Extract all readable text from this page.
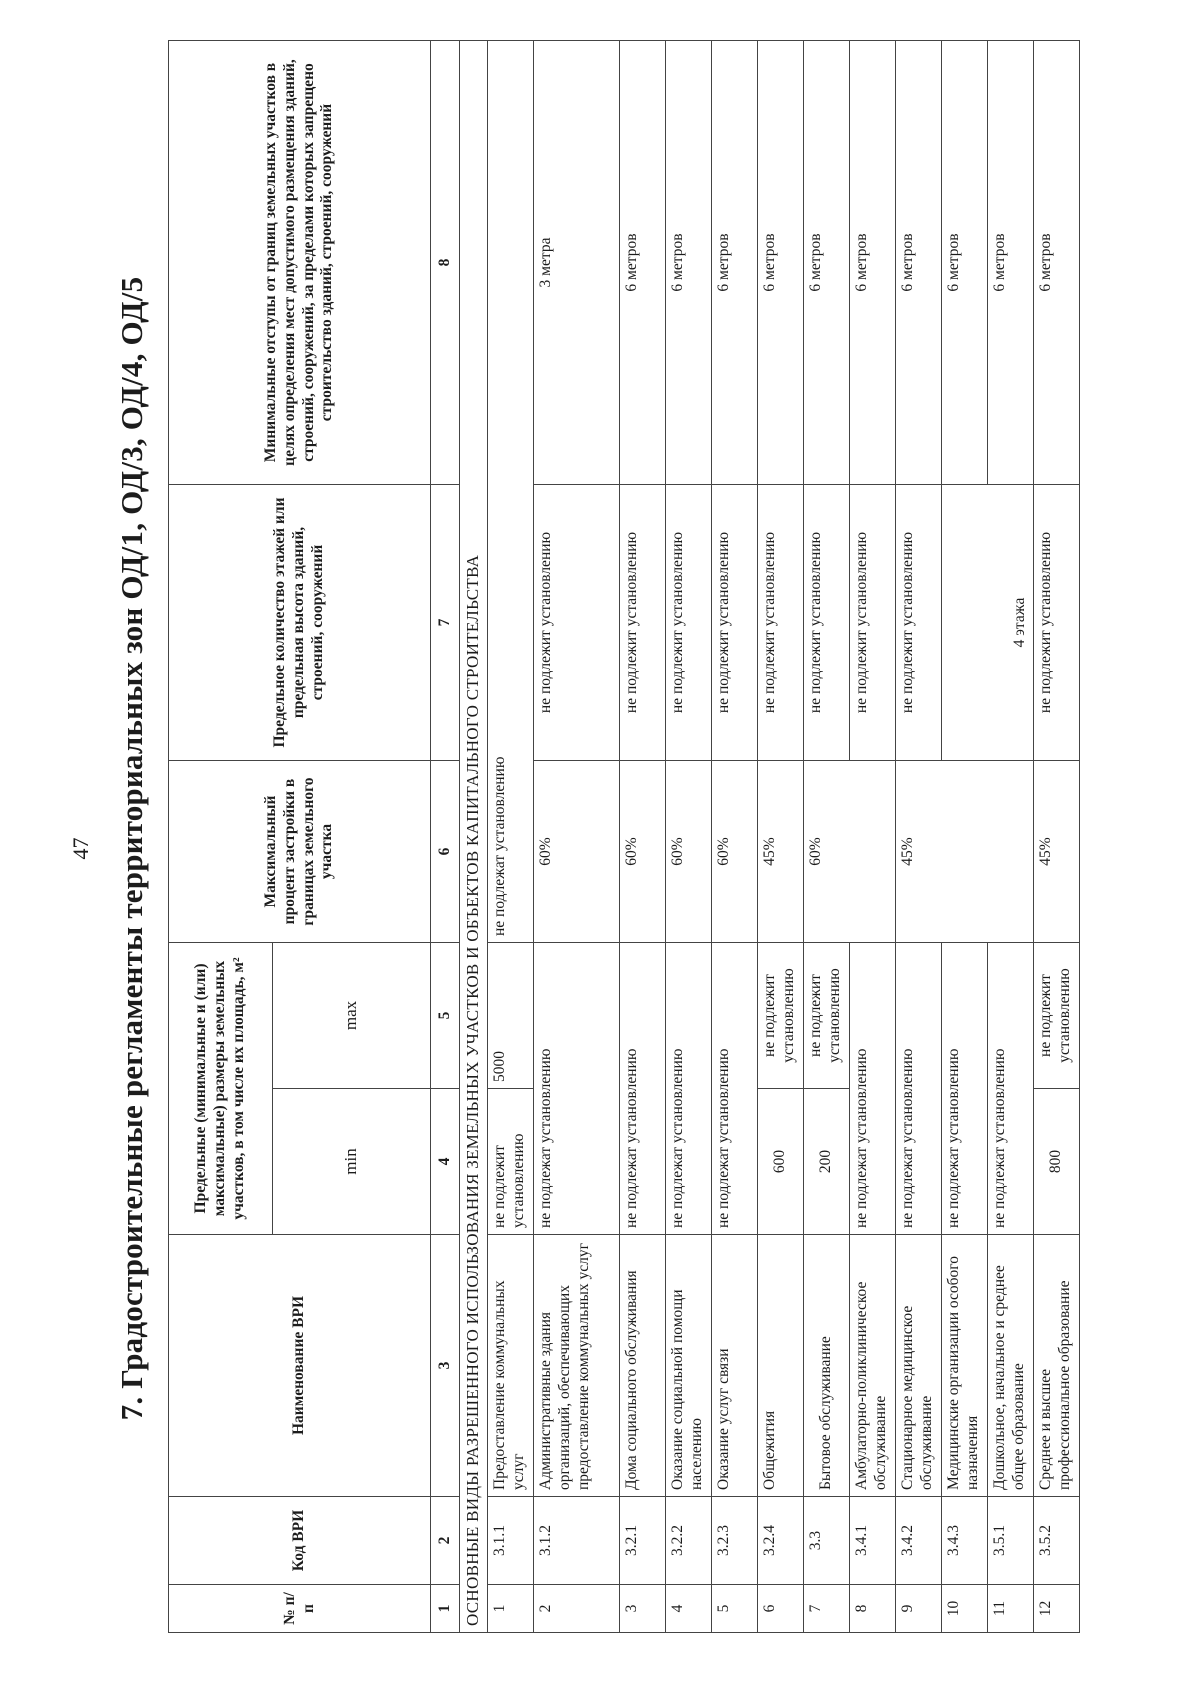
47 7. Градостроительные регламенты территориальных зон ОД/1, ОД/3, ОД/4, ОД/5
№ п/п	Код ВРИ	Наименование ВРИ	Предельные (минимальные и (или) максимальные) размеры земельных участков, в том числе их площадь, м²		Максимальный процент застройки в границах земельного участка	Предельное количество этажей или предельная высота зданий, строений, сооружений	Минимальные отступы от границ земельных участков в целях определения мест допустимого размещения зданий, строений, сооружений, за пределами которых запрещено строительство зданий, строений, сооружений
			min	max			
1	2	3	4	5	6	7	8
ОСНОВНЫЕ ВИДЫ РАЗРЕШЕННОГО ИСПОЛЬЗОВАНИЯ ЗЕМЕЛЬНЫХ УЧАСТКОВ И ОБЪЕКТОВ КАПИТАЛЬНОГО СТРОИТЕЛЬСТВА							
1	3.1.1	Предоставление коммунальных услуг	не подлежит установлению	5000	не подлежат установлению		
2	3.1.2	Административные здания организаций, обеспечивающих предоставление коммунальных услуг	не подлежат установлению		60%	не подлежит установлению	3 метра
3	3.2.1	Дома социального обслуживания	не подлежат установлению		60%	не подлежит установлению	6 метров
4	3.2.2	Оказание социальной помощи населению	не подлежат установлению		60%	не подлежит установлению	6 метров
5	3.2.3	Оказание услуг связи	не подлежат установлению		60%	не подлежит установлению	6 метров
6	3.2.4	Общежития	600	не подлежит установлению	45%	не подлежит установлению	6 метров
7	3.3	Бытовое обслуживание	200	не подлежит установлению	60%	не подлежит установлению	6 метров
8	3.4.1	Амбулаторно-поликлиническое обслуживание	не подлежат установлению			не подлежит установлению	6 метров
9	3.4.2	Стационарное медицинское обслуживание	не подлежат установлению		45%	не подлежит установлению	6 метров
10	3.4.3	Медицинские организации особого назначения	не подлежат установлению			4 этажа	6 метров
11	3.5.1	Дошкольное, начальное и среднее общее образование	не подлежат установлению				6 метров
12	3.5.2	Среднее и высшее профессиональное образование	800	не подлежит установлению	45%	не подлежит установлению	6 метров
